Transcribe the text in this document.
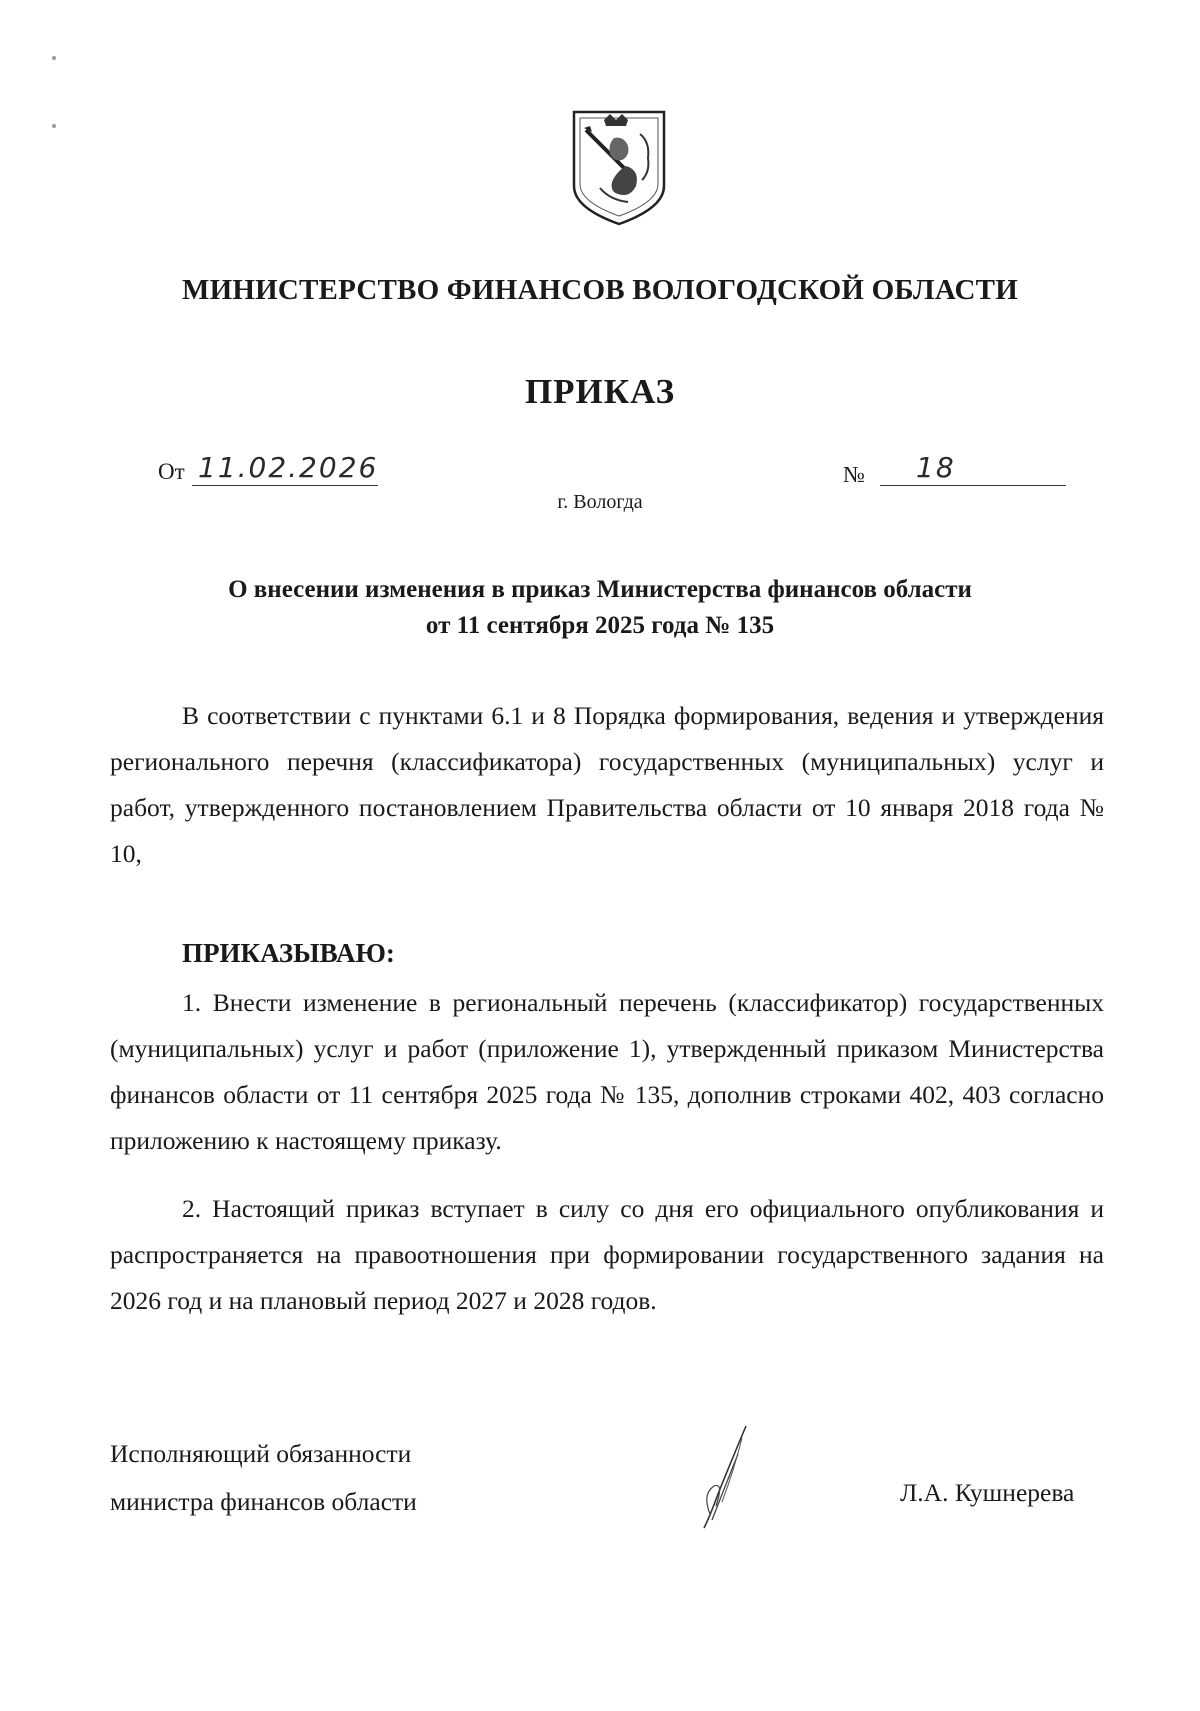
МИНИСТЕРСТВО ФИНАНСОВ ВОЛОГОДСКОЙ ОБЛАСТИ
ПРИКАЗ
От 11.02.2026	№	18
г. Вологда
О внесении изменения в приказ Министерства финансов области
от 11 сентября 2025 года № 135

В соответствии с пунктами 6.1 и 8 Порядка формирования, ведения и утверждения регионального перечня (классификатора) государственных (муниципальных) услуг и работ, утвержденного постановлением Правительства области от 10 января 2018 года № 10,

ПРИКАЗЫВАЮ:

1. Внести изменение в региональный перечень (классификатор) государственных (муниципальных) услуг и работ (приложение 1), утвержденный приказом Министерства финансов области от 11 сентября 2025 года № 135, дополнив строками 402, 403 согласно приложению к настоящему приказу.

2. Настоящий приказ вступает в силу со дня его официального опубликования и распространяется на правоотношения при формировании государственного задания на 2026 год и на плановый период 2027 и 2028 годов.

Исполняющий обязанности
министра финансов области	Л.А. Кушнерева
